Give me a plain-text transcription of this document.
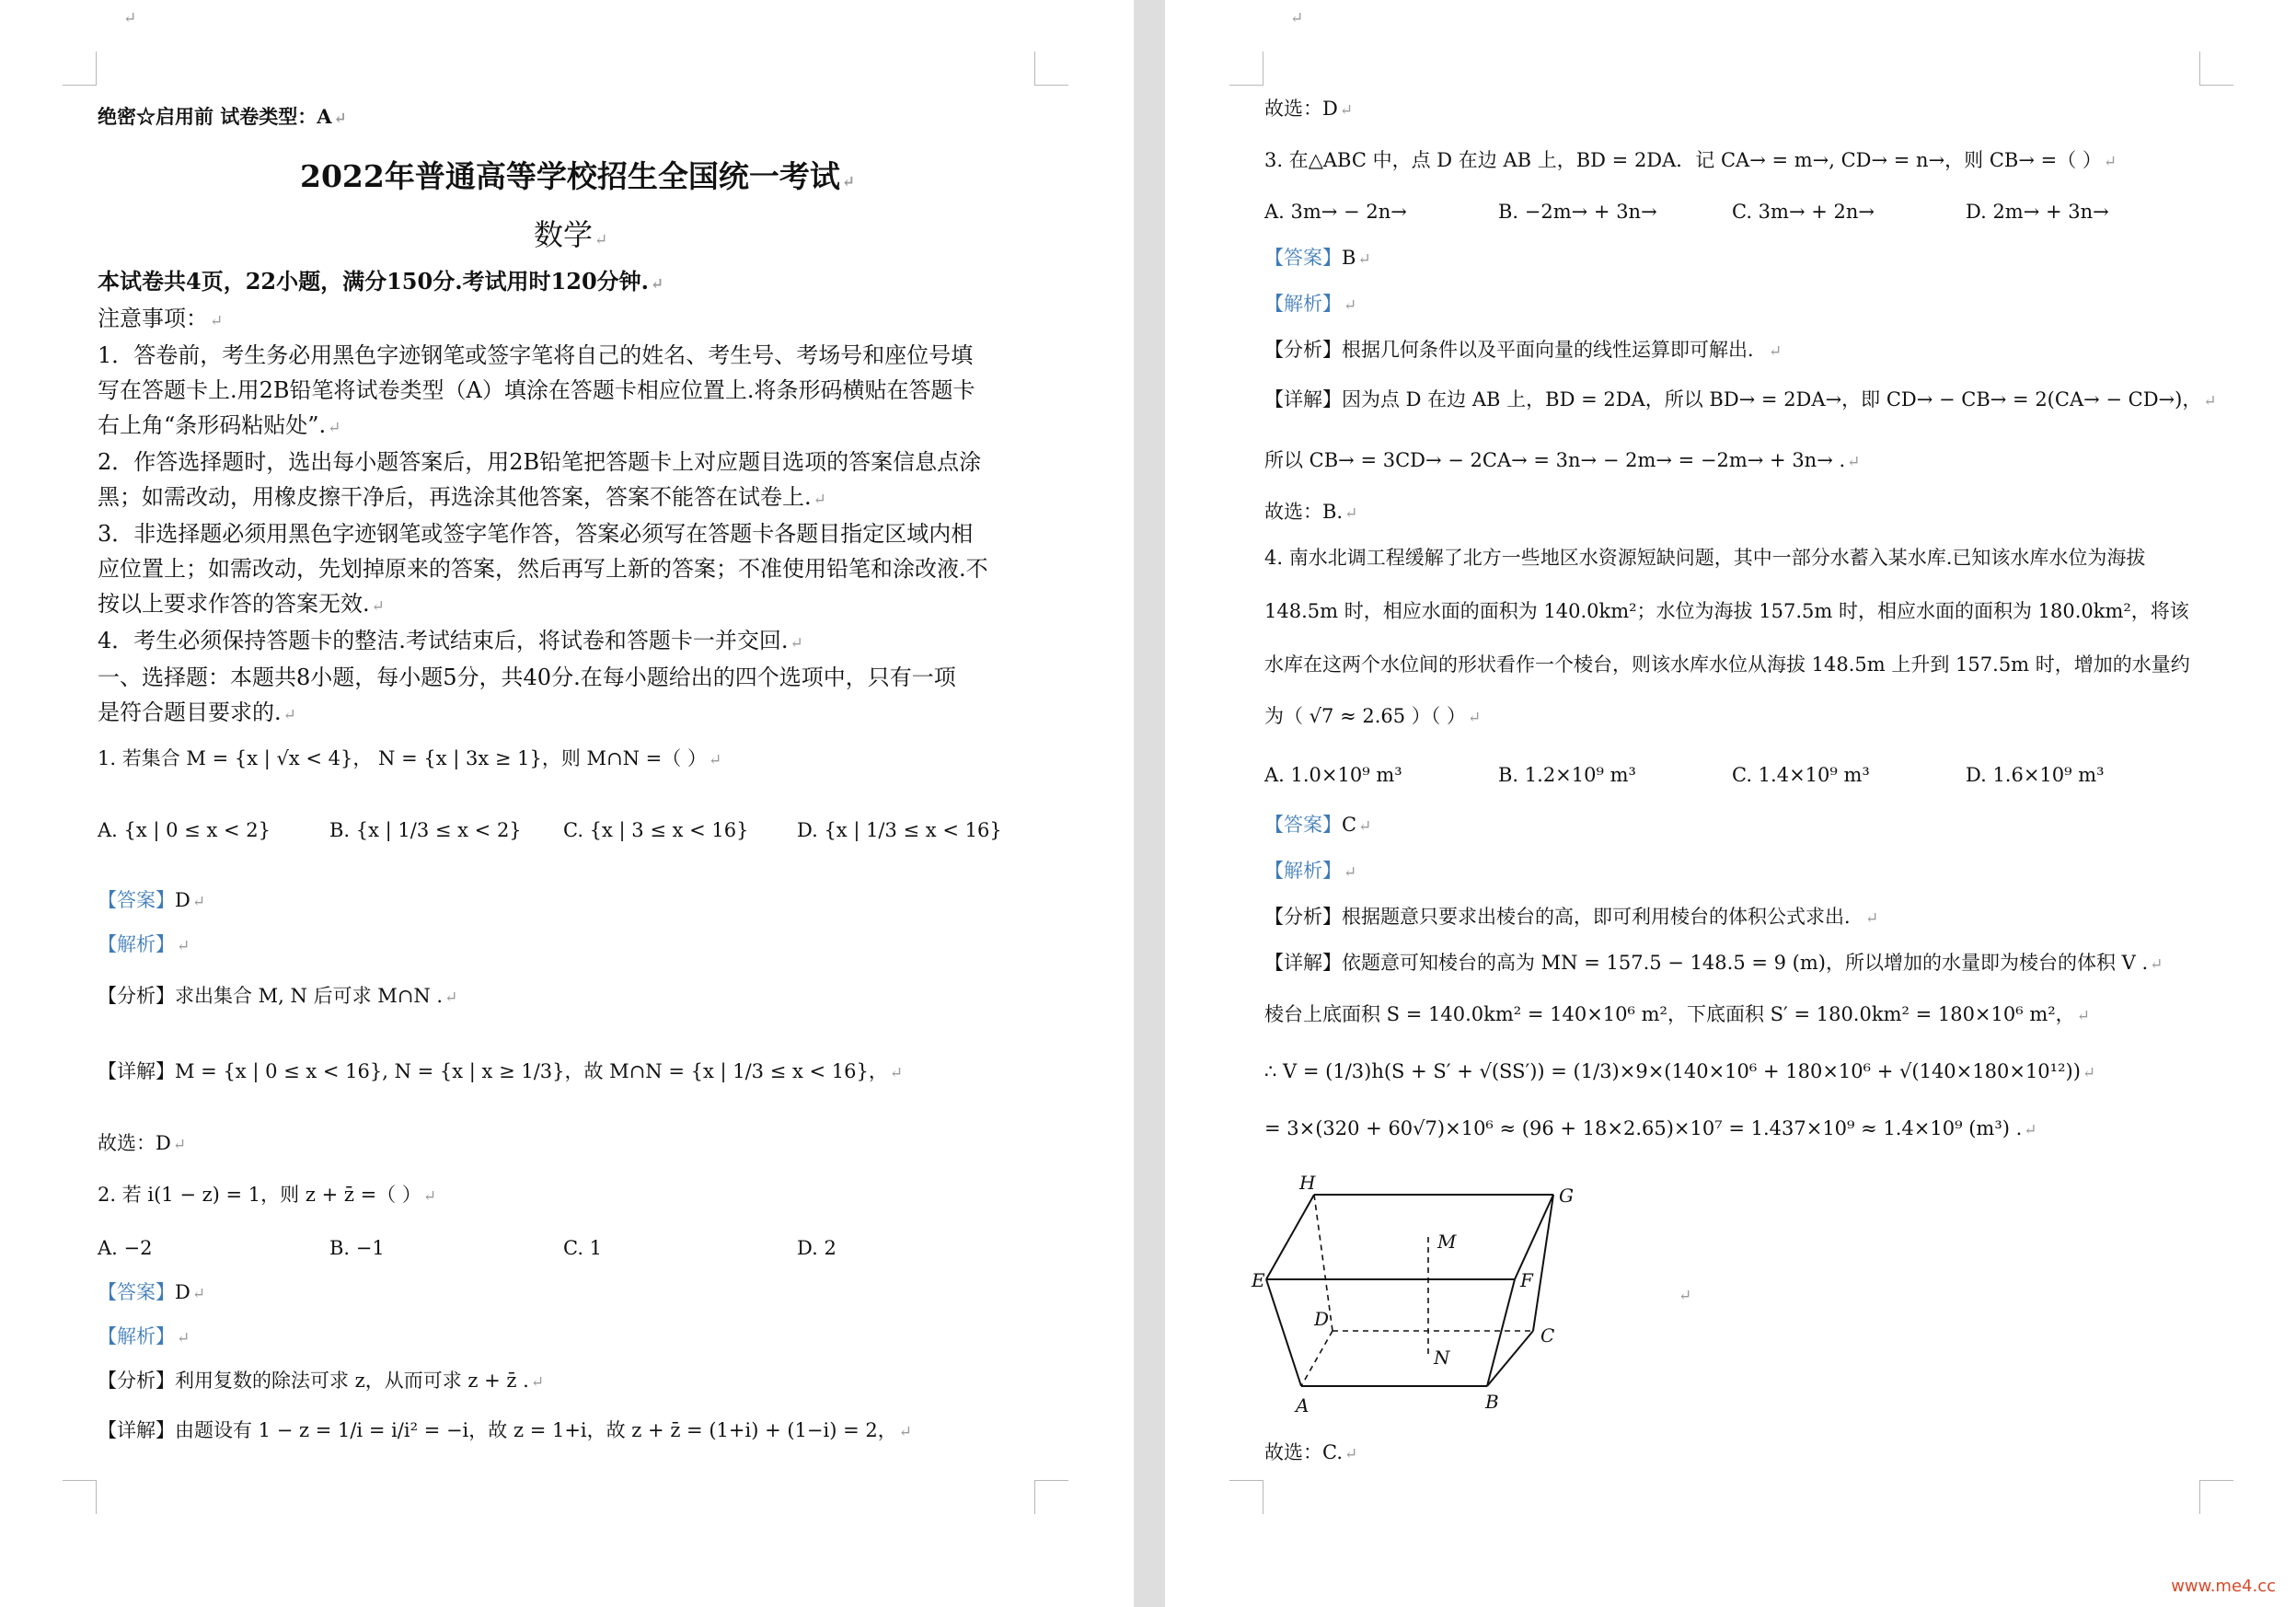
↵
绝密☆启用前 试卷类型：A ↵
2022年普通高等学校招生全国统一考试 ↵
数学 ↵
本试卷共4页，22小题，满分150分.考试用时120分钟. ↵
注意事项： ↵
1．答卷前，考生务必用黑色字迹钢笔或签字笔将自己的姓名、考生号、考场号和座位号填
写在答题卡上.用2B铅笔将试卷类型（A）填涂在答题卡相应位置上.将条形码横贴在答题卡
右上角“条形码粘贴处”. ↵
2．作答选择题时，选出每小题答案后，用2B铅笔把答题卡上对应题目选项的答案信息点涂
黑；如需改动，用橡皮擦干净后，再选涂其他答案，答案不能答在试卷上. ↵
3．非选择题必须用黑色字迹钢笔或签字笔作答，答案必须写在答题卡各题目指定区域内相
应位置上；如需改动，先划掉原来的答案，然后再写上新的答案；不准使用铅笔和涂改液.不
按以上要求作答的答案无效. ↵
4．考生必须保持答题卡的整洁.考试结束后，将试卷和答题卡一并交回. ↵
一、选择题：本题共8小题，每小题5分，共40分.在每小题给出的四个选项中，只有一项
是符合题目要求的. ↵
1. 若集合 M = {x | √x < 4}， N = {x | 3x ≥ 1}，则 M∩N =（ ） ↵
A. {x | 0 ≤ x < 2}	B. {x | 1/3 ≤ x < 2} C. {x | 3 ≤ x < 16}	D. {x | 1/3 ≤ x < 16}
【答案】D ↵
【解析】 ↵
【分析】求出集合 M, N 后可求 M∩N . ↵
【详解】M = {x | 0 ≤ x < 16}, N = {x | x ≥ 1/3}，故 M∩N = {x | 1/3 ≤ x < 16}， ↵
故选：D ↵
2. 若 i(1 − z) = 1，则 z + z̄ =（ ） ↵
A. −2	B. −1	C. 1	D. 2
【答案】D ↵
【解析】 ↵
【分析】利用复数的除法可求 z，从而可求 z + z̄ . ↵
【详解】由题设有 1 − z = 1/i = i/i² = −i，故 z = 1+i，故 z + z̄ = (1+i) + (1−i) = 2， ↵
↵
故选：D ↵
3. 在△ABC 中，点 D 在边 AB 上，BD = 2DA．记 CA→ = m→, CD→ = n→，则 CB→ =（ ） ↵
A. 3m→ − 2n→	B. −2m→ + 3n→	C. 3m→ + 2n→	D. 2m→ + 3n→
【答案】B ↵
【解析】 ↵
【分析】根据几何条件以及平面向量的线性运算即可解出． ↵
【详解】因为点 D 在边 AB 上，BD = 2DA，所以 BD→ = 2DA→，即 CD→ − CB→ = 2(CA→ − CD→)， ↵
所以 CB→ = 3CD→ − 2CA→ = 3n→ − 2m→ = −2m→ + 3n→ . ↵
故选：B. ↵
4. 南水北调工程缓解了北方一些地区水资源短缺问题，其中一部分水蓄入某水库.已知该水库水位为海拔
148.5m 时，相应水面的面积为 140.0km²；水位为海拔 157.5m 时，相应水面的面积为 180.0km²，将该
水库在这两个水位间的形状看作一个棱台，则该水库水位从海拔 148.5m 上升到 157.5m 时，增加的水量约
为（ √7 ≈ 2.65 ）（ ） ↵
A. 1.0×10⁹ m³	B. 1.2×10⁹ m³	C. 1.4×10⁹ m³	D. 1.6×10⁹ m³
【答案】C ↵
【解析】 ↵
【分析】根据题意只要求出棱台的高，即可利用棱台的体积公式求出． ↵
【详解】依题意可知棱台的高为 MN = 157.5 − 148.5 = 9 (m)，所以增加的水量即为棱台的体积 V . ↵
棱台上底面积 S = 140.0km² = 140×10⁶ m²，下底面积 S′ = 180.0km² = 180×10⁶ m²， ↵
∴ V = (1/3)h(S + S′ + √(SS′)) = (1/3)×9×(140×10⁶ + 180×10⁶ + √(140×180×10¹²)) ↵
= 3×(320 + 60√7)×10⁶ ≈ (96 + 18×2.65)×10⁷ = 1.437×10⁹ ≈ 1.4×10⁹ (m³) . ↵
H
G
M
E	F
D
C
N
A	B
↵
故选：C. ↵
www.me4.cc
